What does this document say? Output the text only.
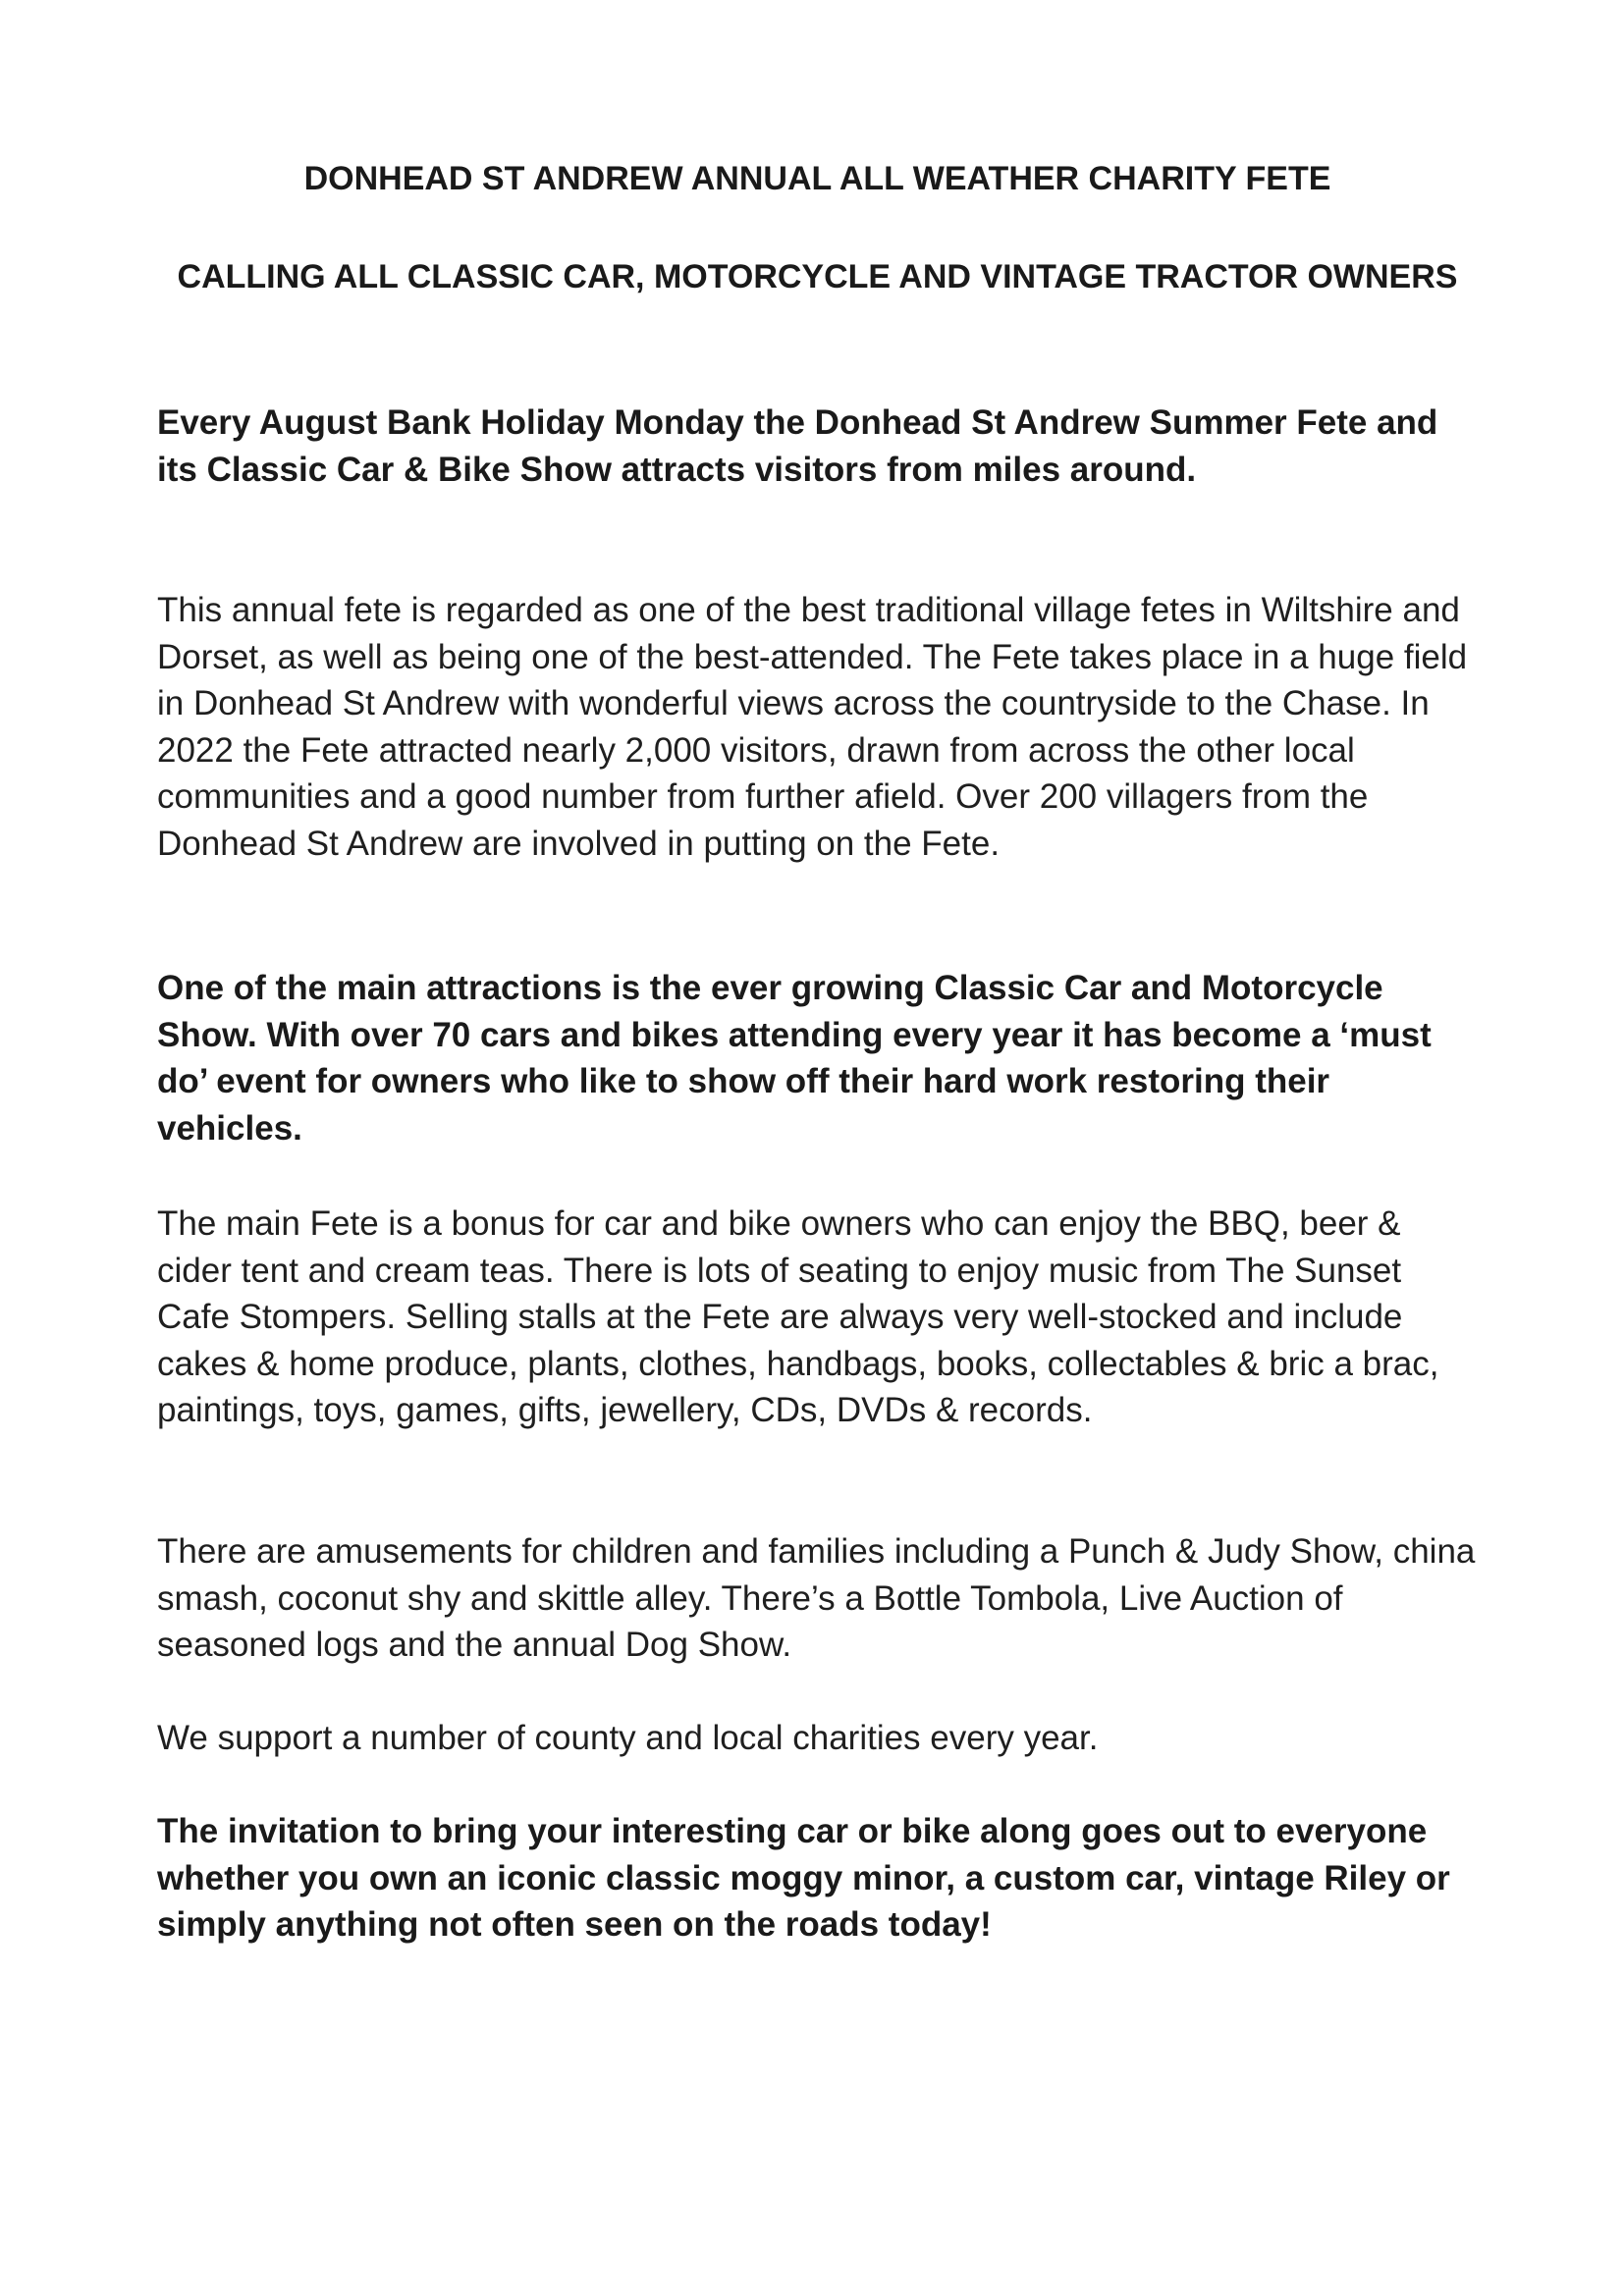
DONHEAD ST ANDREW ANNUAL ALL WEATHER CHARITY FETE
CALLING ALL CLASSIC CAR, MOTORCYCLE AND VINTAGE TRACTOR OWNERS

Every August Bank Holiday Monday the Donhead St Andrew Summer Fete and its Classic Car & Bike Show attracts visitors from miles around.

This annual fete is regarded as one of the best traditional village fetes in Wiltshire and Dorset, as well as being one of the best-attended. The Fete takes place in a huge field in Donhead St Andrew with wonderful views across the countryside to the Chase. In 2022 the Fete attracted nearly 2,000 visitors, drawn from across the other local communities and a good number from further afield. Over 200 villagers from the Donhead St Andrew are involved in putting on the Fete.

One of the main attractions is the ever growing Classic Car and Motorcycle Show. With over 70 cars and bikes attending every year it has become a ‘must do’ event for owners who like to show off their hard work restoring their vehicles.

The main Fete is a bonus for car and bike owners who can enjoy the BBQ, beer & cider tent and cream teas. There is lots of seating to enjoy music from The Sunset Cafe Stompers. Selling stalls at the Fete are always very well-stocked and include cakes & home produce, plants, clothes, handbags, books, collectables & bric a brac, paintings, toys, games, gifts, jewellery, CDs, DVDs & records.

There are amusements for children and families including a Punch & Judy Show, china smash, coconut shy and skittle alley. There’s a Bottle Tombola, Live Auction of seasoned logs and the annual Dog Show.

We support a number of county and local charities every year.

The invitation to bring your interesting car or bike along goes out to everyone whether you own an iconic classic moggy minor, a custom car, vintage Riley or simply anything not often seen on the roads today!
